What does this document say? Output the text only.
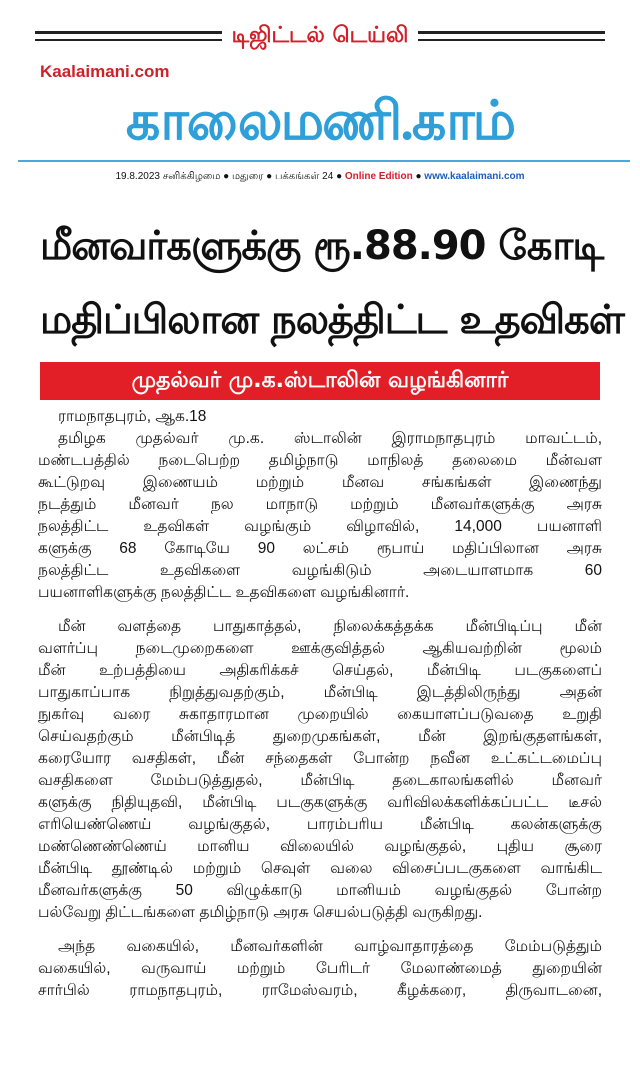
டிஜிட்டல் டெய்லி
Kaalaimani.com
காலைமணி.காம்
19.8.2023 சனிக்கிழமை ● மதுரை ● பக்கங்கள் 24 ● Online Edition ● www.kaalaimani.com
மீனவர்களுக்கு ரூ.88.90 கோடி
மதிப்பிலான நலத்திட்ட உதவிகள்
முதல்வர் மு.க.ஸ்டாலின் வழங்கினார்
ராமநாதபுரம், ஆக.18
தமிழக முதல்வர் மு.க. ஸ்டாலின் இராமநாதபுரம் மாவட்டம்,
மண்டபத்தில் நடைபெற்ற தமிழ்நாடு மாநிலத் தலைமை மீன்வள
கூட்டுறவு இணையம் மற்றும் மீனவ சங்கங்கள் இணைந்து
நடத்தும் மீனவர் நல மாநாடு மற்றும் மீனவர்களுக்கு அரசு
நலத்திட்ட உதவிகள் வழங்கும் விழாவில், 14,000 பயனாளி
களுக்கு 68 கோடியே 90 லட்சம் ரூபாய் மதிப்பிலான அரசு
நலத்திட்ட உதவிகளை வழங்கிடும் அடையாளமாக 60
பயனாளிகளுக்கு நலத்திட்ட உதவிகளை வழங்கினார்.
மீன் வளத்தை பாதுகாத்தல், நிலைக்கத்தக்க மீன்பிடிப்பு மீன்
வளர்ப்பு நடைமுறைகளை ஊக்குவித்தல் ஆகியவற்றின் மூலம்
மீன் உற்பத்தியை அதிகரிக்கச் செய்தல், மீன்பிடி படகுகளைப்
பாதுகாப்பாக நிறுத்துவதற்கும், மீன்பிடி இடத்திலிருந்து அதன்
நுகர்வு வரை சுகாதாரமான முறையில் கையாளப்படுவதை உறுதி
செய்வதற்கும் மீன்பிடித் துறைமுகங்கள், மீன் இறங்குதளங்கள்,
கரையோர வசதிகள், மீன் சந்தைகள் போன்ற நவீன உட்கட்டமைப்பு
வசதிகளை மேம்படுத்துதல், மீன்பிடி தடைகாலங்களில் மீனவர்
களுக்கு நிதியுதவி, மீன்பிடி படகுகளுக்கு வரிவிலக்களிக்கப்பட்ட டீசல்
எரியெண்ணெய் வழங்குதல், பாரம்பரிய மீன்பிடி கலன்களுக்கு
மண்ணெண்ணெய் மானிய விலையில் வழங்குதல், புதிய சூரை
மீன்பிடி தூண்டில் மற்றும் செவுள் வலை விசைப்படகுகளை வாங்கிட
மீனவர்களுக்கு 50 விழுக்காடு மானியம் வழங்குதல் போன்ற
பல்வேறு திட்டங்களை தமிழ்நாடு அரசு செயல்படுத்தி வருகிறது.
அந்த வகையில், மீனவர்களின் வாழ்வாதாரத்தை மேம்படுத்தும்
வகையில், வருவாய் மற்றும் பேரிடர் மேலாண்மைத் துறையின்
சார்பில் ராமநாதபுரம், ராமேஸ்வரம், கீழக்கரை, திருவாடனை,
